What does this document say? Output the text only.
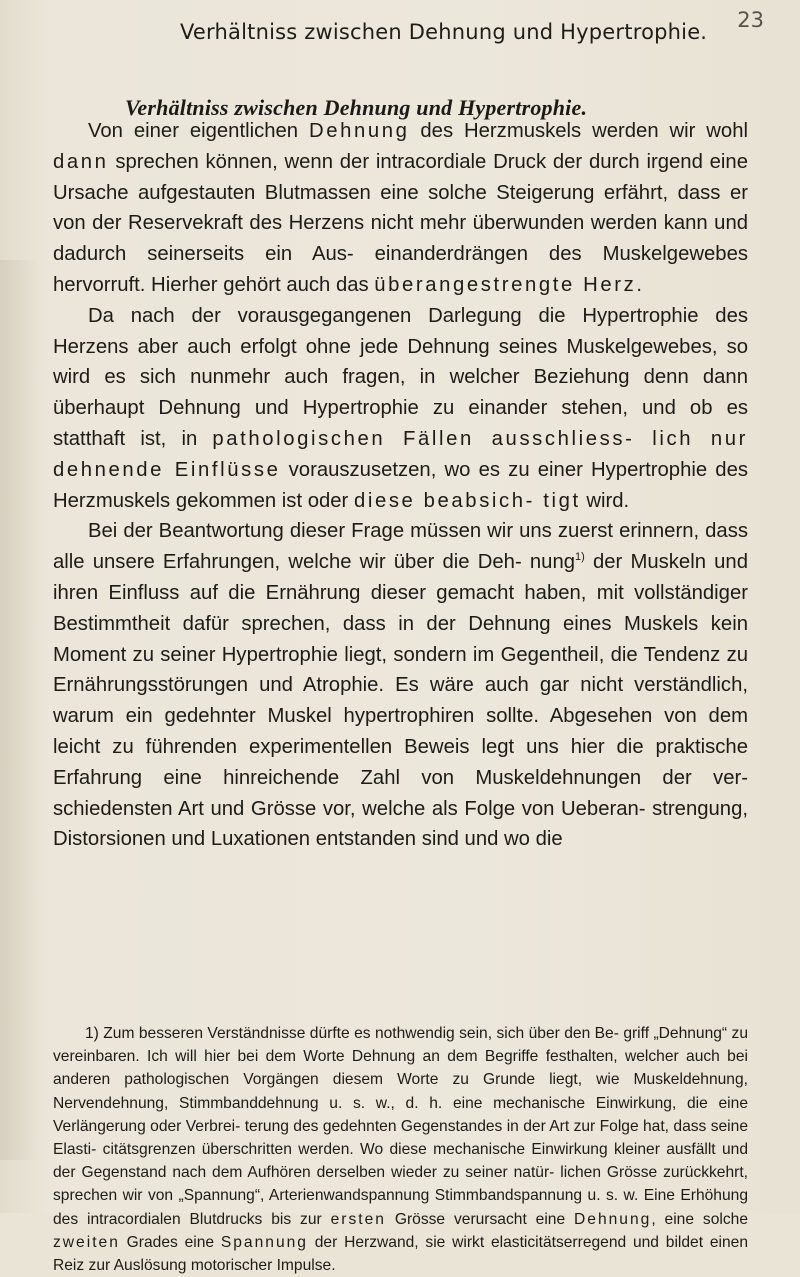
Verhältniss zwischen Dehnung und Hypertrophie. 23
Verhältniss zwischen Dehnung und Hypertrophie.

Von einer eigentlichen Dehnung des Herzmuskels werden wir wohl dann sprechen können, wenn der intracordiale Druck der durch irgend eine Ursache aufgestauten Blutmassen eine solche Steigerung erfährt, dass er von der Reservekraft des Herzens nicht mehr überwunden werden kann und dadurch seinerseits ein Aus- einanderdrängen des Muskelgewebes hervorruft. Hierher gehört auch das überangestrengte Herz.

Da nach der vorausgegangenen Darlegung die Hypertrophie des Herzens aber auch erfolgt ohne jede Dehnung seines Muskelgewebes, so wird es sich nunmehr auch fragen, in welcher Beziehung denn dann überhaupt Dehnung und Hypertrophie zu einander stehen, und ob es statthaft ist, in pathologischen Fällen ausschliess- lich nur dehnende Einflüsse vorauszusetzen, wo es zu einer Hypertrophie des Herzmuskels gekommen ist oder diese beabsich- tigt wird.

Bei der Beantwortung dieser Frage müssen wir uns zuerst erinnern, dass alle unsere Erfahrungen, welche wir über die Deh- nung$^{1)}$ der Muskeln und ihren Einfluss auf die Ernährung dieser gemacht haben, mit vollständiger Bestimmtheit dafür sprechen, dass in der Dehnung eines Muskels kein Moment zu seiner Hypertrophie liegt, sondern im Gegentheil, die Tendenz zu Ernährungsstörungen und Atrophie. Es wäre auch gar nicht verständlich, warum ein gedehnter Muskel hypertrophiren sollte. Abgesehen von dem leicht zu führenden experimentellen Beweis legt uns hier die praktische Erfahrung eine hinreichende Zahl von Muskeldehnungen der ver- schiedensten Art und Grösse vor, welche als Folge von Ueberan- strengung, Distorsionen und Luxationen entstanden sind und wo die

1) Zum besseren Verständnisse dürfte es nothwendig sein, sich über den Be- griff „Dehnung“ zu vereinbaren. Ich will hier bei dem Worte Dehnung an dem Begriffe festhalten, welcher auch bei anderen pathologischen Vorgängen diesem Worte zu Grunde liegt, wie Muskeldehnung, Nervendehnung, Stimmbanddehnung u. s. w., d. h. eine mechanische Einwirkung, die eine Verlängerung oder Verbrei- terung des gedehnten Gegenstandes in der Art zur Folge hat, dass seine Elasti- citätsgrenzen überschritten werden. Wo diese mechanische Einwirkung kleiner ausfällt und der Gegenstand nach dem Aufhören derselben wieder zu seiner natür- lichen Grösse zurückkehrt, sprechen wir von „Spannung“, Arterienwandspannung Stimmbandspannung u. s. w. Eine Erhöhung des intracordialen Blutdrucks bis zur ersten Grösse verursacht eine Dehnung, eine solche zweiten Grades eine Spannung der Herzwand, sie wirkt elasticitätserregend und bildet einen Reiz zur Auslösung motorischer Impulse.
